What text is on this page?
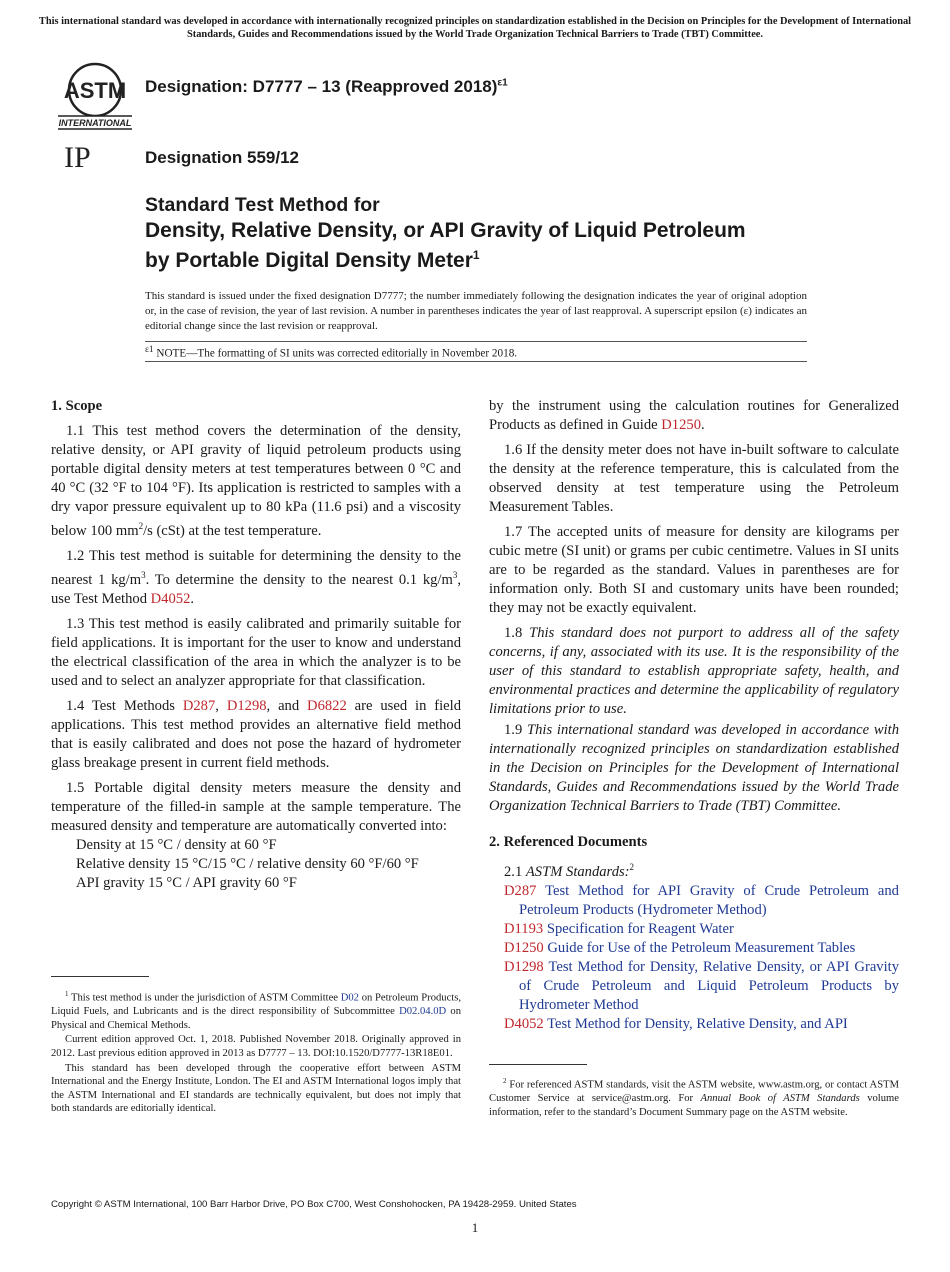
This international standard was developed in accordance with internationally recognized principles on standardization established in the Decision on Principles for the Development of International Standards, Guides and Recommendations issued by the World Trade Organization Technical Barriers to Trade (TBT) Committee.
ASTM
INTERNATIONAL
IP
Designation: D7777 – 13 (Reapproved 2018)$^{\varepsilon 1}$
Designation 559/12
Standard Test Method for
Density, Relative Density, or API Gravity of Liquid Petroleum
by Portable Digital Density Meter$^1$
This standard is issued under the fixed designation D7777; the number immediately following the designation indicates the year of original adoption or, in the case of revision, the year of last revision. A number in parentheses indicates the year of last reapproval. A superscript epsilon (ε) indicates an editorial change since the last revision or reapproval.
$^{\varepsilon 1}$ NOTE—The formatting of SI units was corrected editorially in November 2018.
1. Scope

1.1 This test method covers the determination of the density, relative density, or API gravity of liquid petroleum products using portable digital density meters at test temperatures between 0 °C and 40 °C (32 °F to 104 °F). Its application is restricted to samples with a dry vapor pressure equivalent up to 80 kPa (11.6 psi) and a viscosity below 100 $mm^2/s$ (cSt) at the test temperature.

1.2 This test method is suitable for determining the density to the nearest 1 $kg/m^3$. To determine the density to the nearest 0.1 $kg/m^3$, use Test Method D4052.

1.3 This test method is easily calibrated and primarily suitable for field applications. It is important for the user to know and understand the electrical classification of the area in which the analyzer is to be used and to select an analyzer appropriate for that classification.

1.4 Test Methods D287, D1298, and D6822 are used in field applications. This test method provides an alternative field method that is easily calibrated and does not pose the hazard of hydrometer glass breakage present in current field methods.

1.5 Portable digital density meters measure the density and temperature of the filled-in sample at the sample temperature. The measured density and temperature are automatically converted into:

Density at 15 °C / density at 60 °F
Relative density 15 °C/15 °C / relative density 60 °F/60 °F
API gravity 15 °C / API gravity 60 °F

$^1$ This test method is under the jurisdiction of ASTM Committee D02 on Petroleum Products, Liquid Fuels, and Lubricants and is the direct responsibility of Subcommittee D02.04.0D on Physical and Chemical Methods.

Current edition approved Oct. 1, 2018. Published November 2018. Originally approved in 2012. Last previous edition approved in 2013 as D7777 – 13. DOI:10.1520/D7777-13R18E01.

This standard has been developed through the cooperative effort between ASTM International and the Energy Institute, London. The EI and ASTM International logos imply that the ASTM International and EI standards are technically equivalent, but does not imply that both standards are editorially identical.

by the instrument using the calculation routines for Generalized Products as defined in Guide D1250.

1.6 If the density meter does not have in-built software to calculate the density at the reference temperature, this is calculated from the observed density at test temperature using the Petroleum Measurement Tables.

1.7 The accepted units of measure for density are kilograms per cubic metre (SI unit) or grams per cubic centimetre. Values in SI units are to be regarded as the standard. Values in parentheses are for information only. Both SI and customary units have been rounded; they may not be exactly equivalent.

1.8 This standard does not purport to address all of the safety concerns, if any, associated with its use. It is the responsibility of the user of this standard to establish appropriate safety, health, and environmental practices and determine the applicability of regulatory limitations prior to use.

1.9 This international standard was developed in accordance with internationally recognized principles on standardization established in the Decision on Principles for the Development of International Standards, Guides and Recommendations issued by the World Trade Organization Technical Barriers to Trade (TBT) Committee.

2. Referenced Documents

2.1 ASTM Standards:$^2$

D287 Test Method for API Gravity of Crude Petroleum and Petroleum Products (Hydrometer Method)
D1193 Specification for Reagent Water
D1250 Guide for Use of the Petroleum Measurement Tables
D1298 Test Method for Density, Relative Density, or API Gravity of Crude Petroleum and Liquid Petroleum Products by Hydrometer Method
D4052 Test Method for Density, Relative Density, and API
$^2$ For referenced ASTM standards, visit the ASTM website, www.astm.org, or contact ASTM Customer Service at service@astm.org. For Annual Book of ASTM Standards volume information, refer to the standard’s Document Summary page on the ASTM website.
Copyright © ASTM International, 100 Barr Harbor Drive, PO Box C700, West Conshohocken, PA 19428-2959. United States
1
